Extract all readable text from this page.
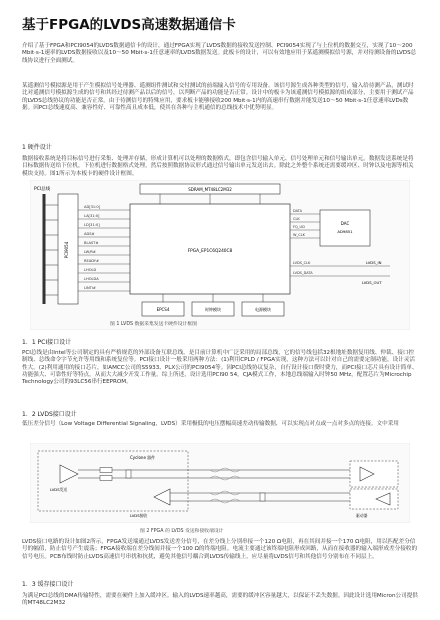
基于FPGA的LVDS高速数据通信卡
介绍了基于FPGA和PCI9054的LVDS数据通信卡的设计，通过FPGA实现了LVDS数据的接收发送控制、PCI9054实现了与上位机的数据交互，实现了10～200 Mbit·s-1速率的LVDS数据接收以及10～50 Mbit·s-1任意速率的LVDS数据发送。此板卡的设计，可以有效地应用于某遥测模拟信号源，并对待测设备的LVDS总线协议进行全面测试。
某遥测信号模拟源是用于产生模拟信号处理器、遥测组件测试和交付测试的前端输入信号的专用设备。该信号源生成各种类型的信号，输入给待测产品，测试时比对遥测信号模拟源生成的信号和其经过待测产品以后的信号，以判断产品的功能是否正常。设计中的板卡为该遥测信号模拟源的组成部分，主要用于测试产品的LVDS总线协议的功能是否正常。由于待测信号的特殊应用，要求板卡能够接收200 Mbit·s-1内的高速串行数据并能发送10～50 Mbit·s-1任意速率LVDs数据。因PCI总线速度高、兼容性好、可靠性高且成本低，使其在各种与主机通信的总线技术中优势明显。
1 硬件设计
数据接收系统是将目标信号进行采集、处理并存储，形成计算机可以处理的数据格式，即包含信号输入单元、信号处理单元和信号输出单元。数据发送系统是将目标数据传送给下位机，下位机进行数据格式处理，然后按照数据协议形式通过信号输出单元发送出去。除此之外整个系统还需要缓冲区、时钟以及电源等相关模块支持。图1所示为本板卡的硬件设计框图。
PCI总线
PCI9054
AD[31:0]
LA[31:0]
LD[31:0]
ADS#
BLAST#
LW/R#
READY#
LHOLD
LHOLDA
LINTi#
SDRAM_MT48LC2M32
FPGA_EP1C6Q240C8
DAC
AD9851
DATA
CLK
FQ_UD
W_CLK
LVDS_CLK
LVDS_DATA
LVDS_IN
LVDS_OUT
EPCS4	时钟模块	电源模块
图 1 LVDS 数据采集发送卡硬件设计框图
1．1 PCI接口设计
PCI总线是由Intel等公司制定的具有严格规范的外部设备互联总线，是目前计算机中广泛采用的局部总线，它的信号线包括32根地址数据复用线、仲裁、接口控制线、总线命令字节允许等用线和系统复位等。PCI接口设计一般采用两种方法：(1)利用CPLD / FPGA实现，这种方法可以针对自己的需要定制功能，设计灵活性大。(2)利用通用的接口芯片，如AMCC公司的S5933、PLX公司的PCI9054等。因PCI总线协议复杂，自行设计接口费时费力，而PCI接口芯片具有设计简单、功能强大、可靠性好等特点，从而大大减少开发工作量。综上所述，设计选用PCI90 54，CJA模式工作，本地总线端输入时钟50 MHz，配置芯片为Microchip Technology公司的93LC56串行EEPROM。
1．2 LVDS接口设计
低压差分信号（Low Voltage Differential Signaling，LVDS）采用极低的电压摆幅高速差动传输数据，可以实现点对点或一点对多点的连接。文中采用
Cyclone 器件
LVDS发送
LVDS接收	驱动器
图 2 FPGA 的 LVDS 发送和接收端设计
LVDS接口电路的设计如图2所示，FPGA发送端通过LVDS发送差分信号，在差分线上分别串接一个120 Ω电阻，再在其间并接一个170 Ω电阻，用以匹配差分信号的幅值，防止信号产生震荡；FPGA接收端在差分线间并接一个100 Ω的终端电阻。电流主要通过该终端电阻形成回路，从而在接收器的输入端形成差分接收的信号电压。PCB布线时防止LVDS高速信号串扰和抗扰，避免其他信号耦合到LVDS传输线上，应尽量将LVDS信号和其他信号分别布在不同层上。
1．3 缓存接口设计
为满足PCI总线的DMA传输特性，需要在硬件上加入缓冲区。输入的LVDS速率越高，需要的缓冲区容量越大，以保证不丢失数据。因此设计选用Micron公司提供的MT48LC2M32
